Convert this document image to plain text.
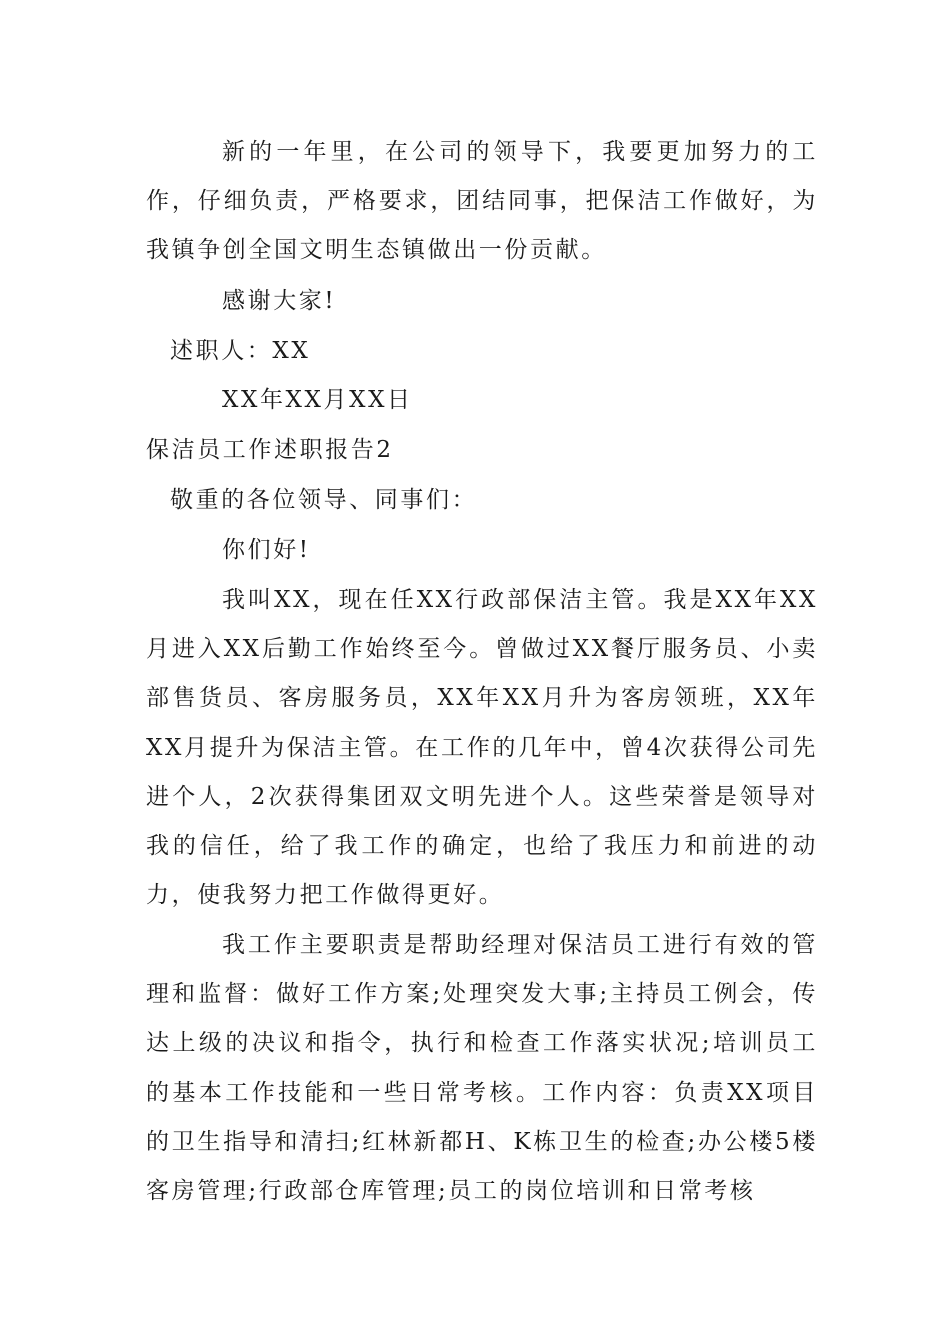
新的一年里，在公司的领导下，我要更加努力的工作，仔细负责，严格要求，团结同事，把保洁工作做好，为我镇争创全国文明生态镇做出一份贡献。

感谢大家!
述职人：XX
XX年XX月XX日
保洁员工作述职报告2
敬重的各位领导、同事们：
你们好!

我叫XX，现在任XX行政部保洁主管。我是XX年XX月进入XX后勤工作始终至今。曾做过XX餐厅服务员、小卖部售货员、客房服务员，XX年XX月升为客房领班，XX年XX月提升为保洁主管。在工作的几年中，曾4次获得公司先进个人，2次获得集团双文明先进个人。这些荣誉是领导对我的信任，给了我工作的确定，也给了我压力和前进的动力，使我努力把工作做得更好。

我工作主要职责是帮助经理对保洁员工进行有效的管理和监督：做好工作方案;处理突发大事;主持员工例会，传达上级的决议和指令，执行和检查工作落实状况;培训员工的基本工作技能和一些日常考核。工作内容：负责XX项目的卫生指导和清扫;红林新都H、K栋卫生的检查;办公楼5楼客房管理;行政部仓库管理;员工的岗位培训和日常考核
